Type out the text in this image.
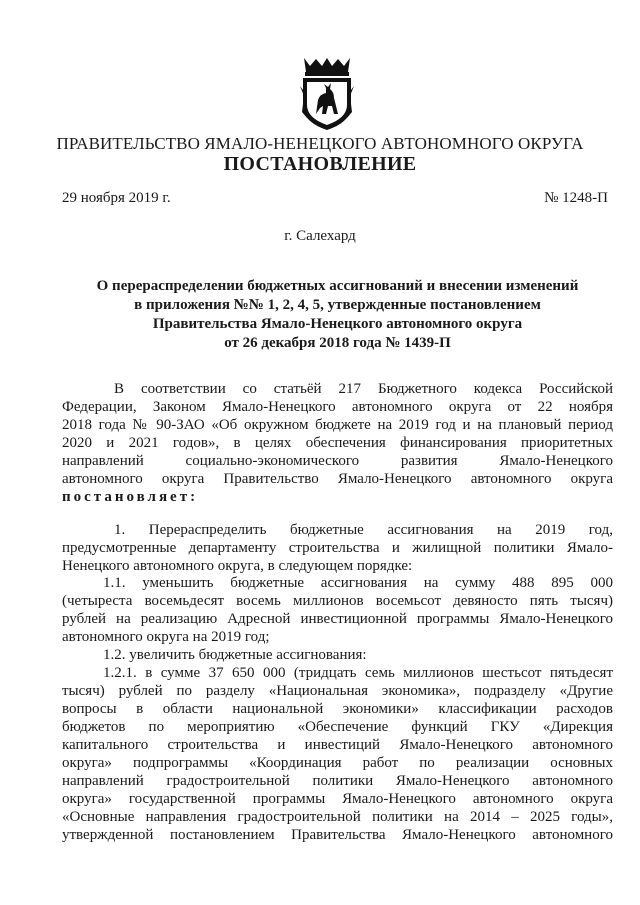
ПРАВИТЕЛЬСТВО ЯМАЛО-НЕНЕЦКОГО АВТОНОМНОГО ОКРУГА
ПОСТАНОВЛЕНИЕ
29 ноября 2019 г.	№ 1248-П
г. Салехард
О перераспределении бюджетных ассигнований и внесении изменений
в приложения №№ 1, 2, 4, 5, утвержденные постановлением
Правительства Ямало-Ненецкого автономного округа
от 26 декабря 2018 года № 1439-П
В соответствии со статьёй 217 Бюджетного кодекса Российской
Федерации, Законом Ямало-Ненецкого автономного округа от 22 ноября
2018 года № 90-ЗАО «Об окружном бюджете на 2019 год и на плановый период
2020 и 2021 годов», в целях обеспечения финансирования приоритетных
направлений социально-экономического развития Ямало-Ненецкого
автономного округа Правительство Ямало-Ненецкого автономного округа
постановляет:
1. Перераспределить бюджетные ассигнования на 2019 год,
предусмотренные департаменту строительства и жилищной политики Ямало-
Ненецкого автономного округа, в следующем порядке:
1.1. уменьшить бюджетные ассигнования на сумму 488 895 000
(четыреста восемьдесят восемь миллионов восемьсот девяносто пять тысяч)
рублей на реализацию Адресной инвестиционной программы Ямало-Ненецкого
автономного округа на 2019 год;
1.2. увеличить бюджетные ассигнования:
1.2.1. в сумме 37 650 000 (тридцать семь миллионов шестьсот пятьдесят
тысяч) рублей по разделу «Национальная экономика», подразделу «Другие
вопросы в области национальной экономики» классификации расходов
бюджетов по мероприятию «Обеспечение функций ГКУ «Дирекция
капитального строительства и инвестиций Ямало-Ненецкого автономного
округа» подпрограммы «Координация работ по реализации основных
направлений градостроительной политики Ямало-Ненецкого автономного
округа» государственной программы Ямало-Ненецкого автономного округа
«Основные направления градостроительной политики на 2014 – 2025 годы»,
утвержденной постановлением Правительства Ямало-Ненецкого автономного
